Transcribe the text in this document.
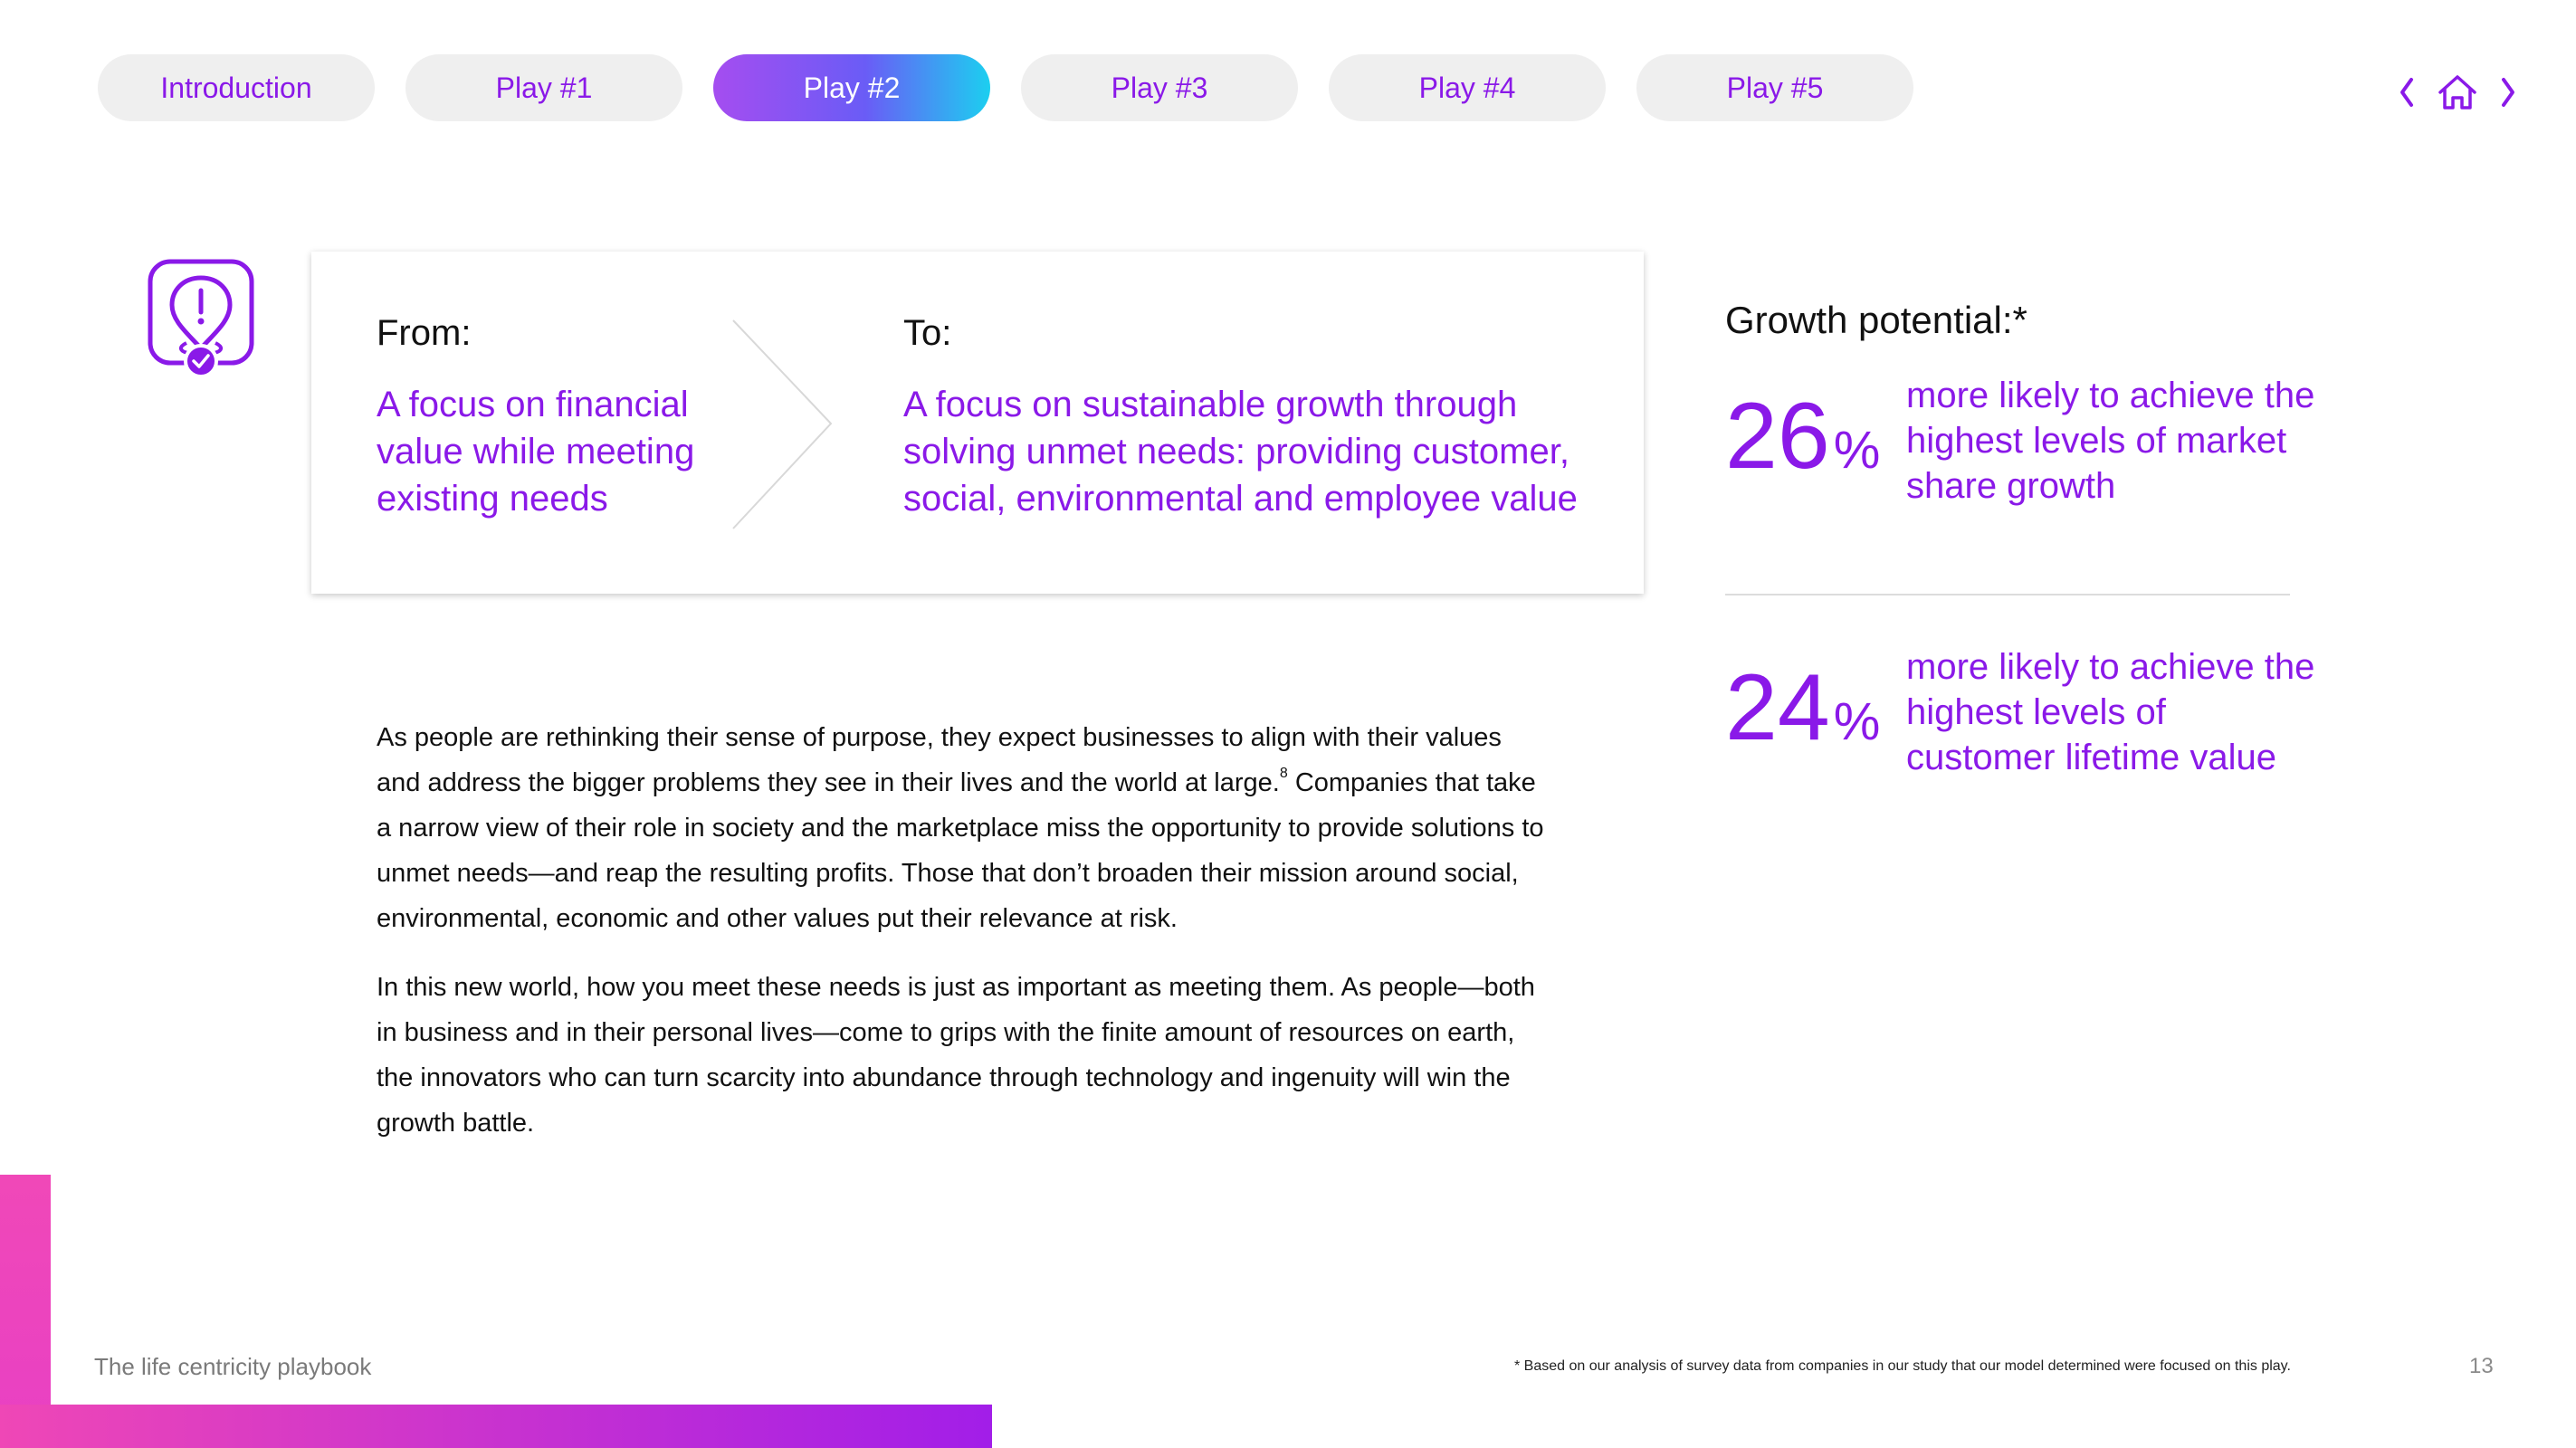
Introduction	Play #1	Play #2	Play #3	Play #4	Play #5
From:
A focus on financial value while meeting existing needs
To:
A focus on sustainable growth through solving unmet needs: providing customer, social, environmental and employee value

As people are rethinking their sense of purpose, they expect businesses to align with their values and address the bigger problems they see in their lives and the world at large.$^8$ Companies that take a narrow view of their role in society and the marketplace miss the opportunity to provide solutions to unmet needs—and reap the resulting profits. Those that don’t broaden their mission around social, environmental, economic and other values put their relevance at risk.

In this new world, how you meet these needs is just as important as meeting them. As people—both in business and in their personal lives—come to grips with the finite amount of resources on earth, the innovators who can turn scarcity into abundance through technology and ingenuity will win the growth battle.

Growth potential:*
26%
more likely to achieve the highest levels of market share growth
24%
more likely to achieve the highest levels of customer lifetime value
The life centricity playbook	* Based on our analysis of survey data from companies in our study that our model determined were focused on this play.	13
